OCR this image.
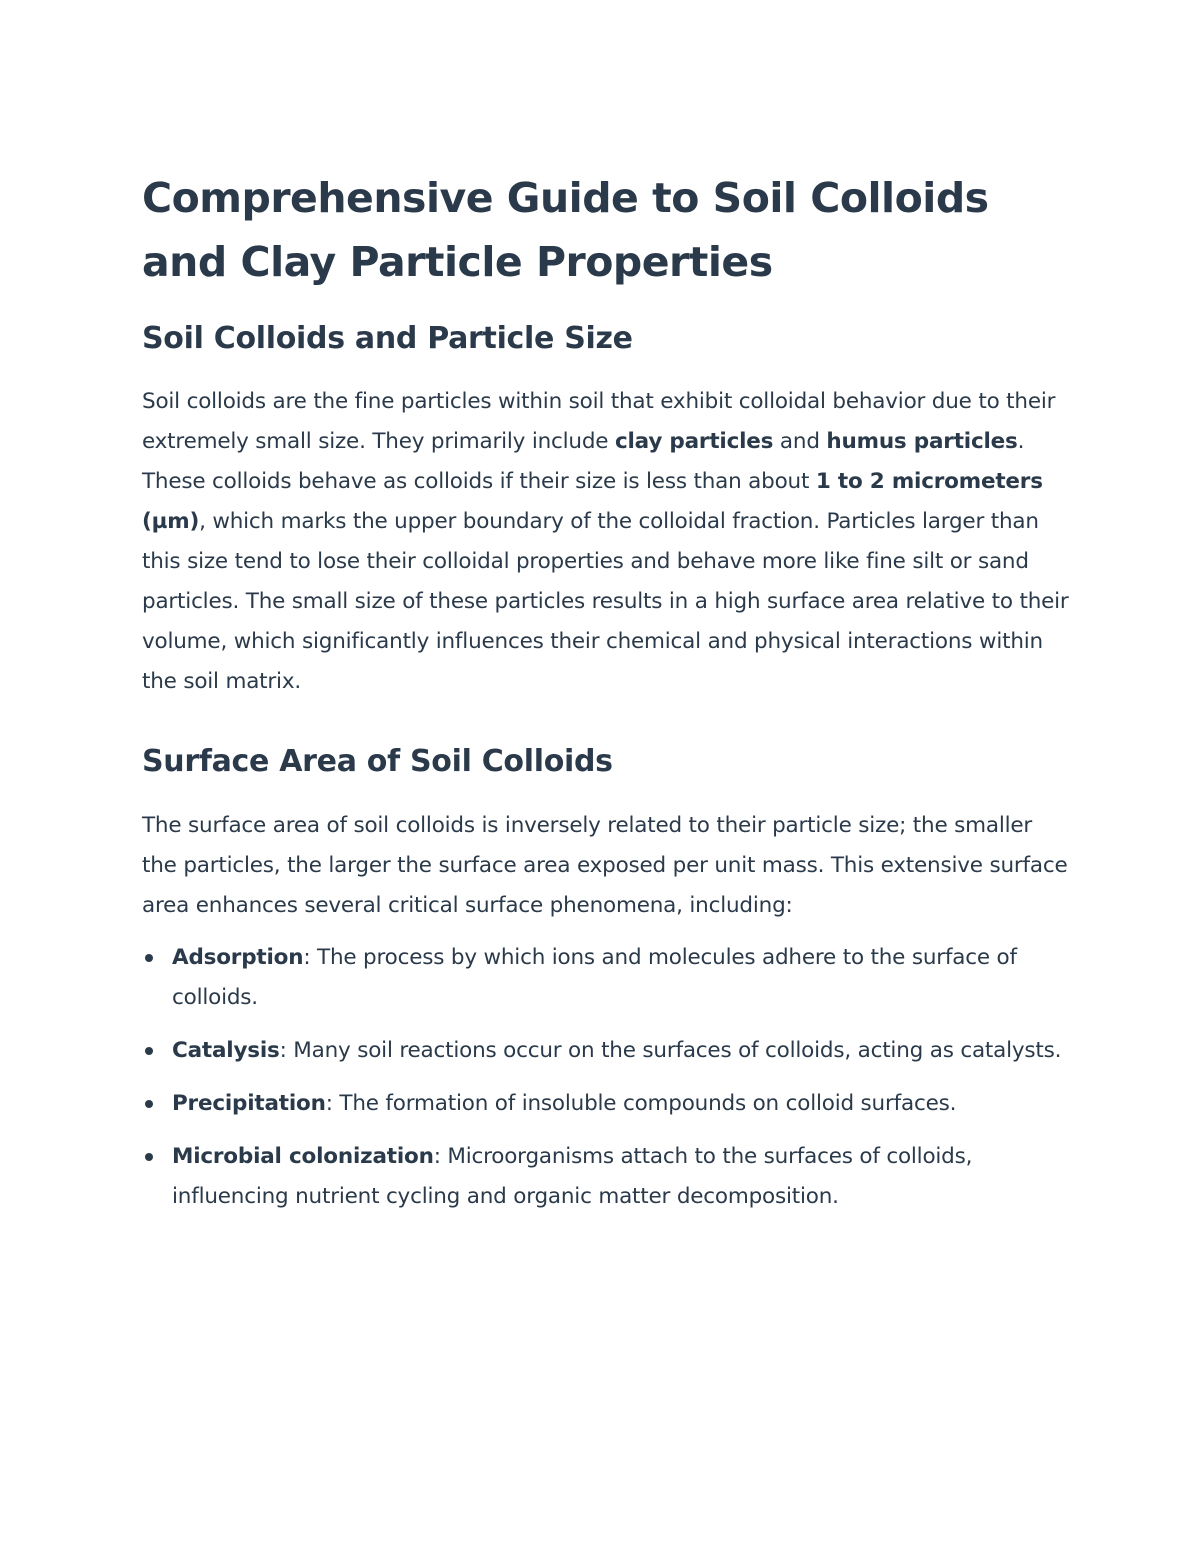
Comprehensive Guide to Soil Colloids and Clay Particle Properties
Soil Colloids and Particle Size

Soil colloids are the fine particles within soil that exhibit colloidal behavior due to their extremely small size. They primarily include clay particles and humus particles. These colloids behave as colloids if their size is less than about 1 to 2 micrometers (µm), which marks the upper boundary of the colloidal fraction. Particles larger than this size tend to lose their colloidal properties and behave more like fine silt or sand particles. The small size of these particles results in a high surface area relative to their volume, which significantly influences their chemical and physical interactions within the soil matrix.

Surface Area of Soil Colloids

The surface area of soil colloids is inversely related to their particle size; the smaller the particles, the larger the surface area exposed per unit mass. This extensive surface area enhances several critical surface phenomena, including:

Adsorption: The process by which ions and molecules adhere to the surface of colloids.
Catalysis: Many soil reactions occur on the surfaces of colloids, acting as catalysts.
Precipitation: The formation of insoluble compounds on colloid surfaces.
Microbial colonization: Microorganisms attach to the surfaces of colloids, influencing nutrient cycling and organic matter decomposition.
